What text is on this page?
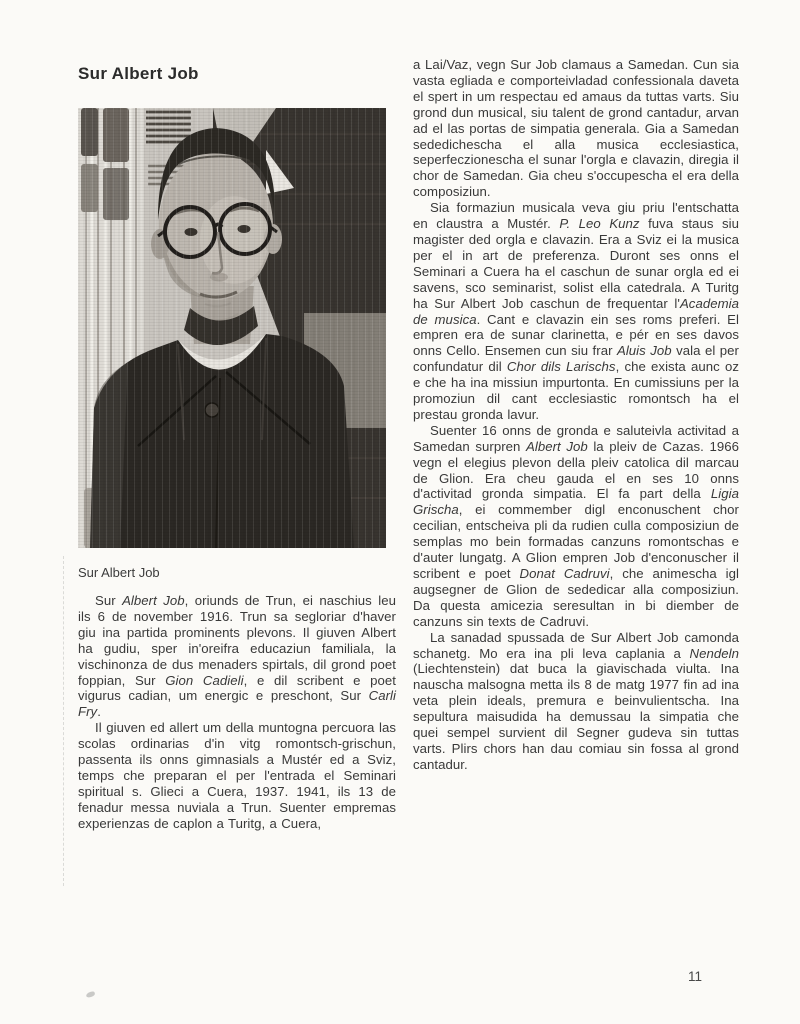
Sur Albert Job

Sur Albert Job

Sur Albert Job, oriunds de Trun, ei naschius leu ils 6 de november 1916. Trun sa segloriar d'haver giu ina partida prominents plevons. Il giuven Albert ha gudiu, sper in'oreifra educaziun familiala, la vischinonza de dus menaders spirtals, dil grond poet foppian, Sur Gion Cadieli, e dil scribent e poet vigurus cadian, um energic e preschont, Sur Carli Fry.

Il giuven ed allert um della muntogna percuora las scolas ordinarias d'in vitg romontsch-grischun, passenta ils onns gimnasials a Mustér ed a Sviz, temps che preparan el per l'entrada el Seminari spiritual s. Glieci a Cuera, 1937. 1941, ils 13 de fenadur messa nuviala a Trun. Suenter empremas experienzas de caplon a Turitg, a Cuera,

a Lai/Vaz, vegn Sur Job clamaus a Samedan. Cun sia vasta egliada e comporteivladad confessionala daveta el spert in um respectau ed amaus da tuttas varts. Siu grond dun musical, siu talent de grond cantadur, arvan ad el las portas de simpatia generala. Gia a Samedan sededichescha el alla musica ecclesiastica, seperfeczionescha el sunar l'orgla e clavazin, diregia il chor de Samedan. Gia cheu s'occupescha el era della composiziun.

Sia formaziun musicala veva giu priu l'entschatta en claustra a Mustér. P. Leo Kunz fuva staus siu magister ded orgla e clavazin. Era a Sviz ei la musica per el in art de preferenza. Duront ses onns el Seminari a Cuera ha el caschun de sunar orgla ed ei savens, sco seminarist, solist ella catedrala. A Turitg ha Sur Albert Job caschun de frequentar l'Academia de musica. Cant e clavazin ein ses roms preferi. El empren era de sunar clarinetta, e pér en ses davos onns Cello. Ensemen cun siu frar Aluis Job vala el per confundatur dil Chor dils Larischs, che exista aunc oz e che ha ina missiun impurtonta. En cumissiuns per la promoziun dil cant ecclesiastic romontsch ha el prestau gronda lavur.

Suenter 16 onns de gronda e saluteivla activitad a Samedan surpren Albert Job la pleiv de Cazas. 1966 vegn el elegius plevon della pleiv catolica dil marcau de Glion. Era cheu gauda el en ses 10 onns d'activitad gronda simpatia. El fa part della Ligia Grischa, ei commember digl enconuschent chor cecilian, entscheiva pli da rudien culla composiziun de semplas mo bein formadas canzuns romontschas e d'auter lungatg. A Glion empren Job d'enconuscher il scribent e poet Donat Cadruvi, che animescha igl augsegner de Glion de sededicar alla composiziun. Da questa amicezia seresultan in bi diember de canzuns sin texts de Cadruvi.

La sanadad spussada de Sur Albert Job camonda schanetg. Mo era ina pli leva caplania a Nendeln (Liechtenstein) dat buca la giavischada viulta. Ina nauscha malsogna metta ils 8 de matg 1977 fin ad ina veta plein ideals, premura e beinvulientscha. Ina sepultura maisudida ha demussau la simpatia che quei sempel survient dil Segner gudeva sin tuttas varts. Plirs chors han dau comiau sin fossa al grond cantadur.

11
